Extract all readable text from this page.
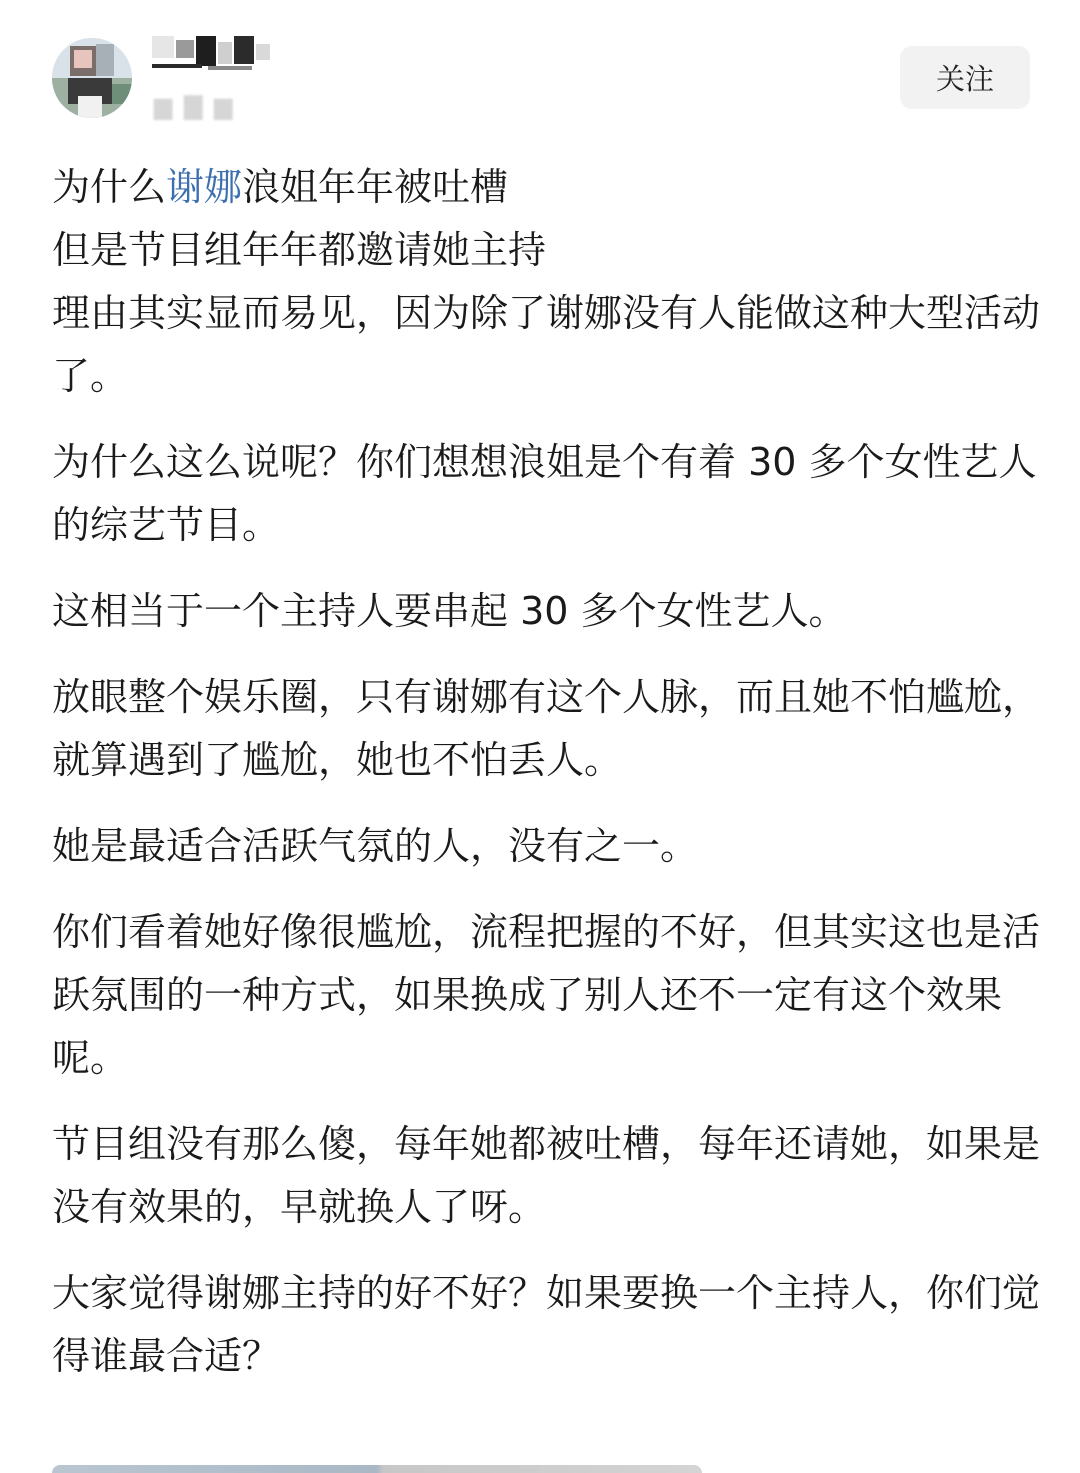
▆ ▇ ▆
关注

为什么谢娜浪姐年年被吐槽

但是节目组年年都邀请她主持

理由其实显而易见，因为除了谢娜没有人能做这种大型活动了。

为什么这么说呢？你们想想浪姐是个有着 30 多个女性艺人的综艺节目。

这相当于一个主持人要串起 30 多个女性艺人。

放眼整个娱乐圈，只有谢娜有这个人脉，而且她不怕尴尬，就算遇到了尴尬，她也不怕丢人。

她是最适合活跃气氛的人，没有之一。

你们看着她好像很尴尬，流程把握的不好，但其实这也是活跃氛围的一种方式，如果换成了别人还不一定有这个效果呢。

节目组没有那么傻，每年她都被吐槽，每年还请她，如果是没有效果的，早就换人了呀。

大家觉得谢娜主持的好不好？如果要换一个主持人，你们觉得谁最合适？
